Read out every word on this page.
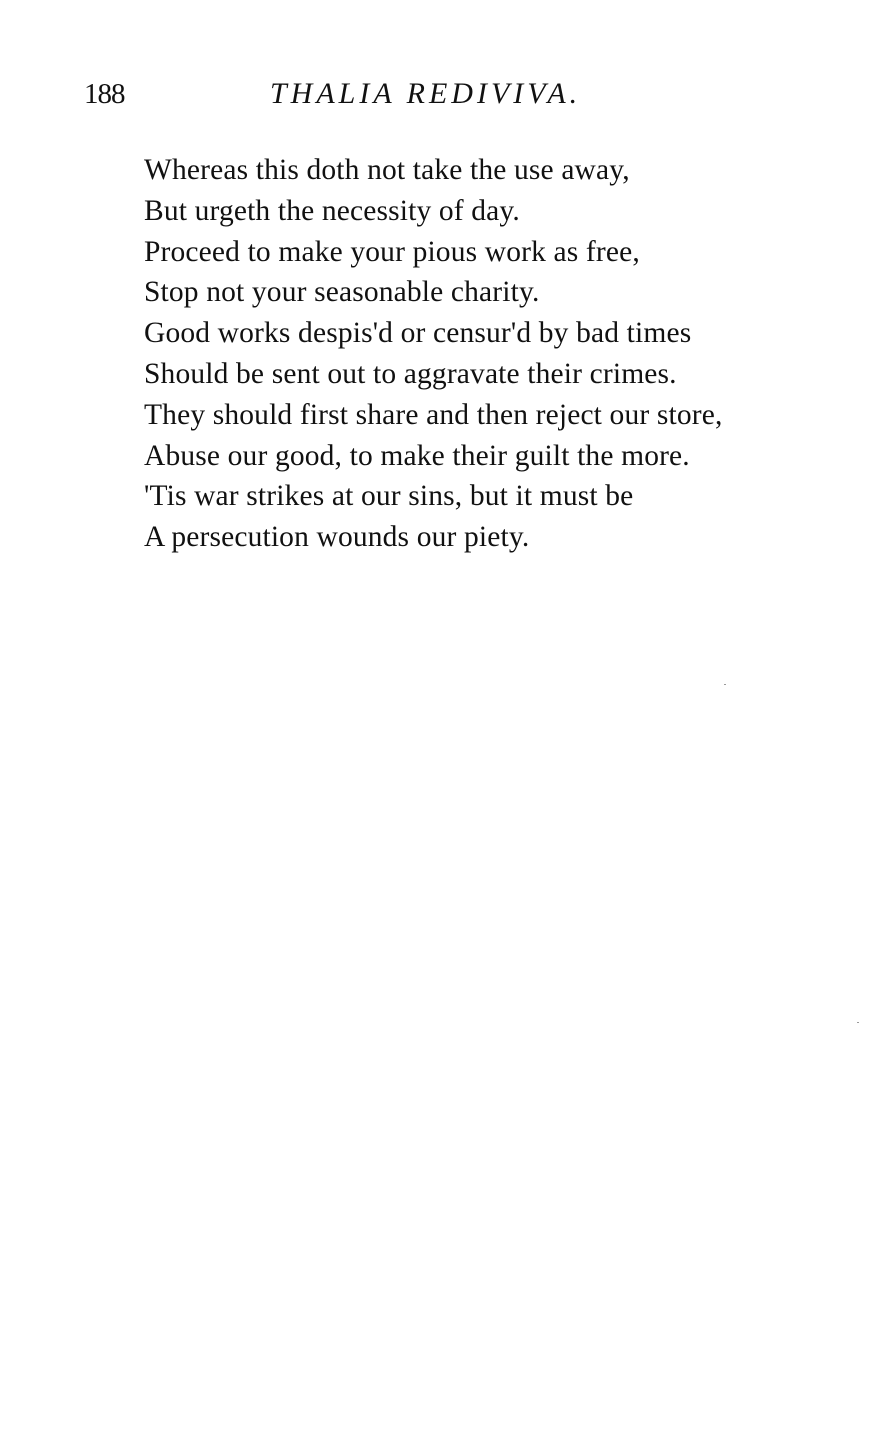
188	THALIA REDIVIVA.
Whereas this doth not take the use away,
But urgeth the necessity of day.
Proceed to make your pious work as free,
Stop not your seasonable charity.
Good works despis'd or censur'd by bad times
Should be sent out to aggravate their crimes.
They should first share and then reject our store,
Abuse our good, to make their guilt the more.
'Tis war strikes at our sins, but it must be
A persecution wounds our piety.
